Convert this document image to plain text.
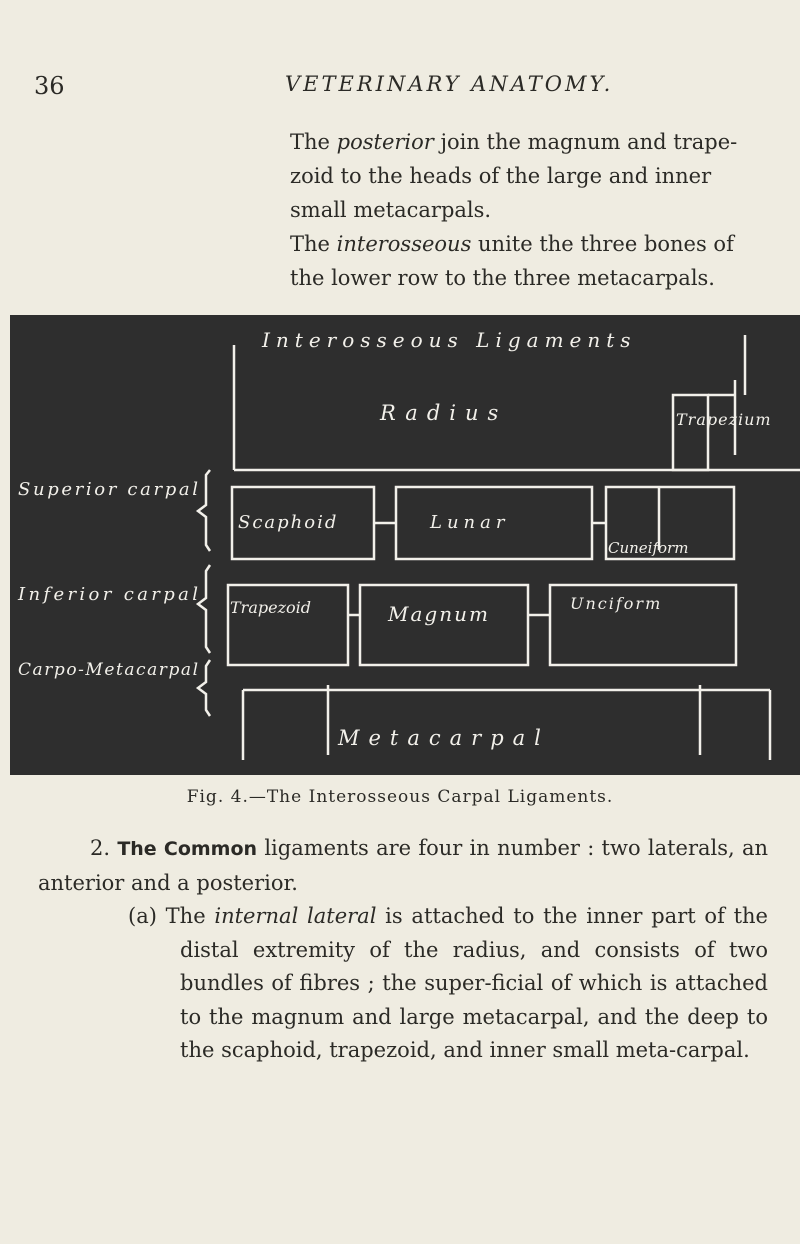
36	VETERINARY ANATOMY.

The posterior join the magnum and trape-zoid to the heads of the large and inner small metacarpals.

The interosseous unite the three bones of the lower row to the three metacarpals.

Interosseous Ligaments
Radius	Trapezium
Scaphoid	Lunar
Cuneiform
Trapezoid	Magnum	Unciform
Metacarpal
Superior carpal
Inferior carpal
Carpo-Metacarpal
Fig. 4.—The Interosseous Carpal Ligaments.

2. The Common ligaments are four in number : two laterals, an anterior and a posterior.

(a) The internal lateral is attached to the inner part of the distal extremity of the radius, and consists of two bundles of fibres ; the super-ficial of which is attached to the magnum and large metacarpal, and the deep to the scaphoid, trapezoid, and inner small meta-carpal.
